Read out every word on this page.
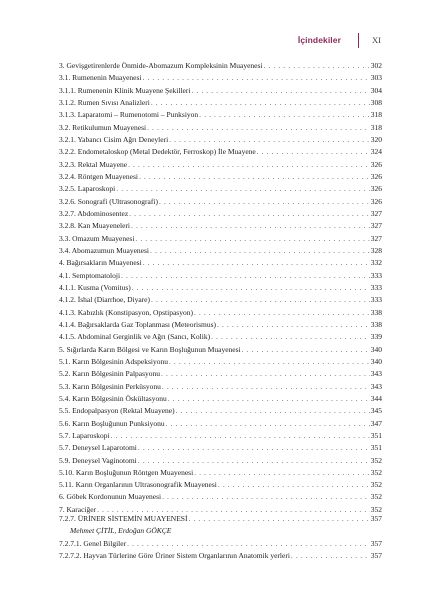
İçindekiler	XI
3. Gevişgetirenlerde Önmide-Abomazum Kompleksinin Muayenesi . . .	302
3.1. Rumenenin Muayenesi . . .	303
3.1.1. Rumenenin Klinik Muayene Şekilleri . . .	304
3.1.2. Rumen Sıvısı Analizleri . . .	308
3.1.3. Laparatomi – Rumenotomi – Punksiyon . . .	318
3.2. Retikulumun Muayenesi . . .	318
3.2.1. Yabancı Cisim Ağrı Deneyleri . . .	320
3.2.2. Endometaloskop (Metal Dedektör, Ferroskop) İle Muayene . . .	324
3.2.3. Rektal Muayene . . .	326
3.2.4. Röntgen Muayenesi . . .	326
3.2.5. Laparoskopi . . .	326
3.2.6. Sonografi (Ultrasonografi) . . .	326
3.2.7. Abdominosentez . . .	327
3.2.8. Kan Muayeneleri . . .	327
3.3. Omazum Muayenesi . . .	327
3.4. Abomazumun Muayenesi . . .	328
4. Bağırsakların Muayenesi . . .	332
4.1. Semptomatoloji . . .	333
4.1.1. Kusma (Vomitus) . . .	333
4.1.2. İshal (Diarrhoe, Diyare) . . .	333
4.1.3. Kabızlık (Konstipasyon, Opstipasyon) . . .	338
4.1.4. Bağırsaklarda Gaz Toplanması (Meteorismus) . . .	338
4.1.5. Abdominal Gerginlik ve Ağrı (Sancı, Kolik) . . .	339
5. Sığırlarda Karın Bölgesi ve Karın Boşluğunun Muayenesi . . .	340
5.1. Karın Bölgesinin Adspeksiyonu . . .	340
5.2. Karın Bölgesinin Palpasyonu . . .	343
5.3. Karın Bölgesinin Perküsyonu . . .	343
5.4. Karın Bölgesinin Öskültasyonu . . .	344
5.5. Endopalpasyon (Rektal Muayene) . . .	345
5.6. Karın Boşluğunun Punksiyonu . . .	347
5.7. Laparoskopi . . .	351
5.7. Deneysel Laparotomi . . .	351
5.9. Deneysel Vaginotomi . . .	352
5.10. Karın Boşluğunun Röntgen Muayenesi . . .	352
5.11. Karın Organlarının Ultrasonografik Muayenesi . . .	352
6. Göbek Kordonunun Muayenesi . . .	352
7. Karaciğer . . .	352
7.2.7. ÜRİNER SİSTEMİN MUAYENESİ . . .	357
Mehmet ÇİTİL, Erdoğan GÖKÇE
7.2.7.1. Genel Bilgiler . . .	357
7.2.7.2. Hayvan Türlerine Göre Üriner Sistem Organlarının Anatomik yerleri . . .	357
